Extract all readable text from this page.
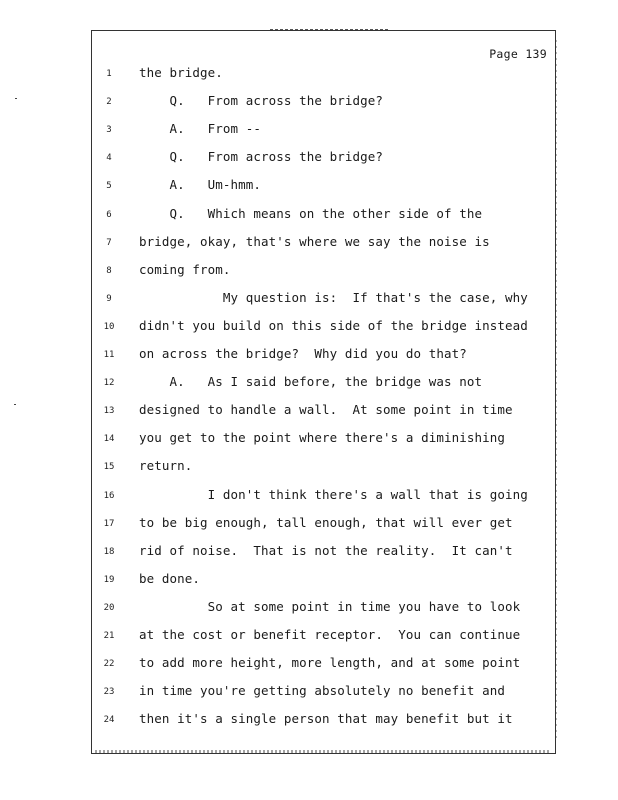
Page 139
1	the bridge.
2	Q.   From across the bridge?
3	A.   From --
4	Q.   From across the bridge?
5	A.   Um-hmm.
6	Q.   Which means on the other side of the
7	bridge, okay, that's where we say the noise is
8	coming from.
9	My question is:  If that's the case, why
10 didn't you build on this side of the bridge instead
11 on across the bridge?  Why did you do that?
12 A.   As I said before, the bridge was not
13 designed to handle a wall.  At some point in time
14 you get to the point where there's a diminishing
15 return.
16 I don't think there's a wall that is going
17 to be big enough, tall enough, that will ever get
18 rid of noise.  That is not the reality.  It can't
19 be done.
20 So at some point in time you have to look
21 at the cost or benefit receptor.  You can continue
22 to add more height, more length, and at some point
23 in time you're getting absolutely no benefit and
24 then it's a single person that may benefit but it
